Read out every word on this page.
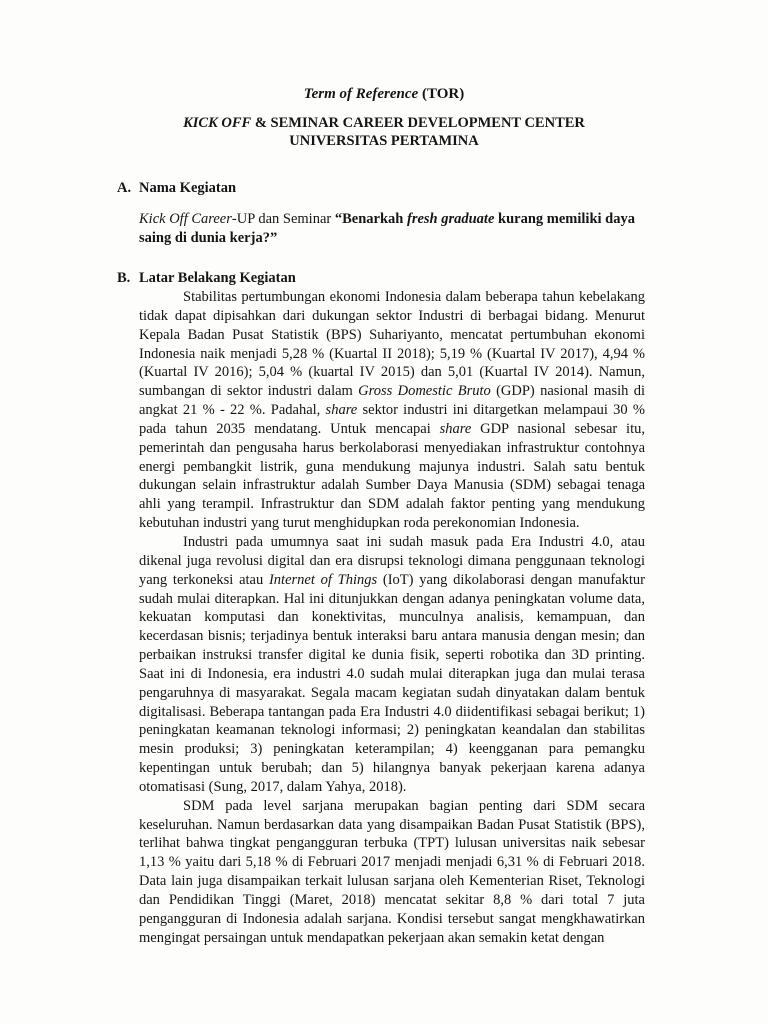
Term of Reference (TOR)
KICK OFF & SEMINAR CAREER DEVELOPMENT CENTER
UNIVERSITAS PERTAMINA
A. Nama Kegiatan
Kick Off Career-UP dan Seminar “Benarkah fresh graduate kurang memiliki daya saing di dunia kerja?”
B. Latar Belakang Kegiatan

Stabilitas pertumbungan ekonomi Indonesia dalam beberapa tahun kebelakang tidak dapat dipisahkan dari dukungan sektor Industri di berbagai bidang. Menurut Kepala Badan Pusat Statistik (BPS) Suhariyanto, mencatat pertumbuhan ekonomi Indonesia naik menjadi 5,28 % (Kuartal II 2018); 5,19 % (Kuartal IV 2017), 4,94 % (Kuartal IV 2016); 5,04 % (kuartal IV 2015) dan 5,01 (Kuartal IV 2014). Namun, sumbangan di sektor industri dalam Gross Domestic Bruto (GDP) nasional masih di angkat 21 % - 22 %. Padahal, share sektor industri ini ditargetkan melampaui 30 % pada tahun 2035 mendatang. Untuk mencapai share GDP nasional sebesar itu, pemerintah dan pengusaha harus berkolaborasi menyediakan infrastruktur contohnya energi pembangkit listrik, guna mendukung majunya industri. Salah satu bentuk dukungan selain infrastruktur adalah Sumber Daya Manusia (SDM) sebagai tenaga ahli yang terampil. Infrastruktur dan SDM adalah faktor penting yang mendukung kebutuhan industri yang turut menghidupkan roda perekonomian Indonesia.

Industri pada umumnya saat ini sudah masuk pada Era Industri 4.0, atau dikenal juga revolusi digital dan era disrupsi teknologi dimana penggunaan teknologi yang terkoneksi atau Internet of Things (IoT) yang dikolaborasi dengan manufaktur sudah mulai diterapkan. Hal ini ditunjukkan dengan adanya peningkatan volume data, kekuatan komputasi dan konektivitas, munculnya analisis, kemampuan, dan kecerdasan bisnis; terjadinya bentuk interaksi baru antara manusia dengan mesin; dan perbaikan instruksi transfer digital ke dunia fisik, seperti robotika dan 3D printing. Saat ini di Indonesia, era industri 4.0 sudah mulai diterapkan juga dan mulai terasa pengaruhnya di masyarakat. Segala macam kegiatan sudah dinyatakan dalam bentuk digitalisasi. Beberapa tantangan pada Era Industri 4.0 diidentifikasi sebagai berikut; 1) peningkatan keamanan teknologi informasi; 2) peningkatan keandalan dan stabilitas mesin produksi; 3) peningkatan keterampilan; 4) keengganan para pemangku kepentingan untuk berubah; dan 5) hilangnya banyak pekerjaan karena adanya otomatisasi (Sung, 2017, dalam Yahya, 2018).

SDM pada level sarjana merupakan bagian penting dari SDM secara keseluruhan. Namun berdasarkan data yang disampaikan Badan Pusat Statistik (BPS), terlihat bahwa tingkat pengangguran terbuka (TPT) lulusan universitas naik sebesar 1,13 % yaitu dari 5,18 % di Februari 2017 menjadi menjadi 6,31 % di Februari 2018. Data lain juga disampaikan terkait lulusan sarjana oleh Kementerian Riset, Teknologi dan Pendidikan Tinggi (Maret, 2018) mencatat sekitar 8,8 % dari total 7 juta pengangguran di Indonesia adalah sarjana. Kondisi tersebut sangat mengkhawatirkan mengingat persaingan untuk mendapatkan pekerjaan akan semakin ketat dengan
